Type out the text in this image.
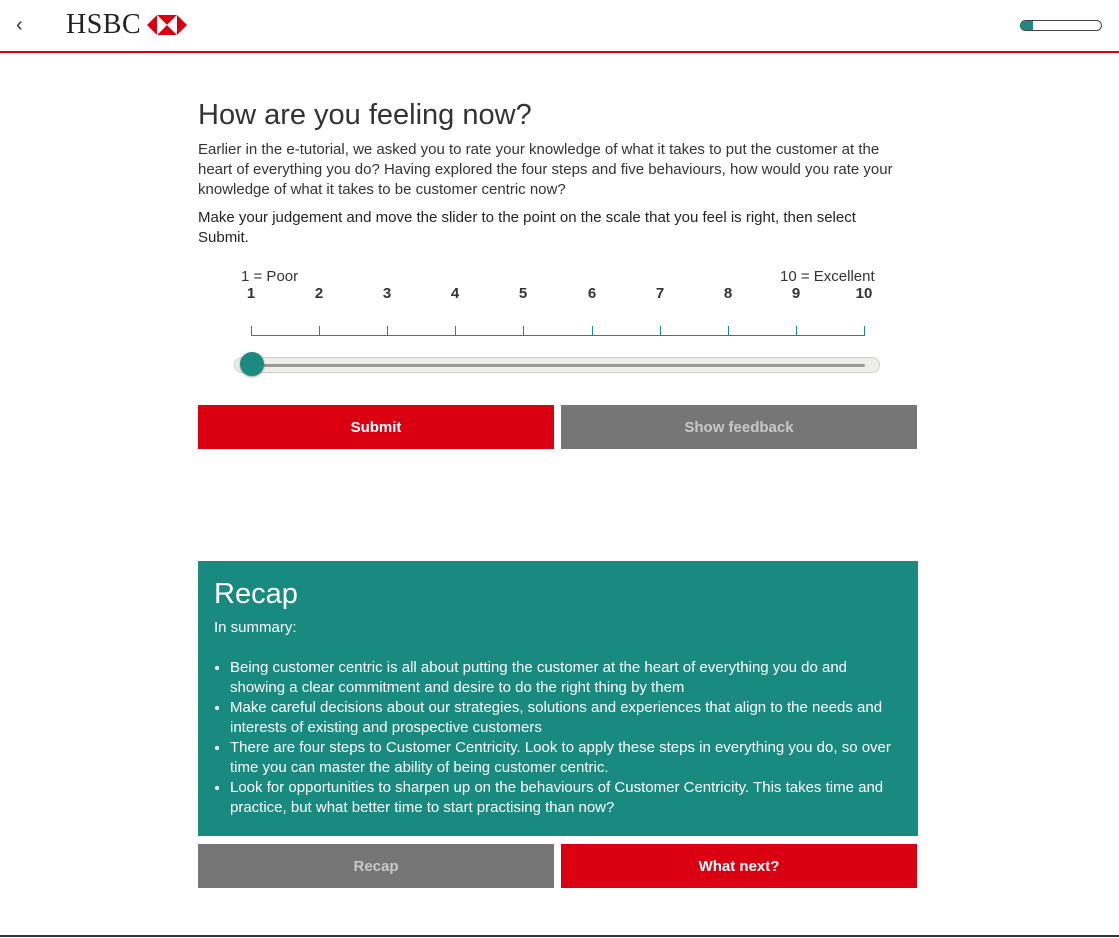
‹ HSBC
How are you feeling now?

Earlier in the e-tutorial, we asked you to rate your knowledge of what it takes to put the customer at the heart of everything you do? Having explored the four steps and five behaviours, how would you rate your knowledge of what it takes to be customer centric now?

Make your judgement and move the slider to the point on the scale that you feel is right, then select Submit.

1 = Poor	10 = Excellent
1	2	3	4	5	6	7	8	9	10
Submit	Show feedback
Recap

In summary:

• Being customer centric is all about putting the customer at the heart of everything you do and showing a clear commitment and desire to do the right thing by them
• Make careful decisions about our strategies, solutions and experiences that align to the needs and interests of existing and prospective customers
• There are four steps to Customer Centricity. Look to apply these steps in everything you do, so over time you can master the ability of being customer centric.
• Look for opportunities to sharpen up on the behaviours of Customer Centricity. This takes time and practice, but what better time to start practising than now?
Recap	What next?
